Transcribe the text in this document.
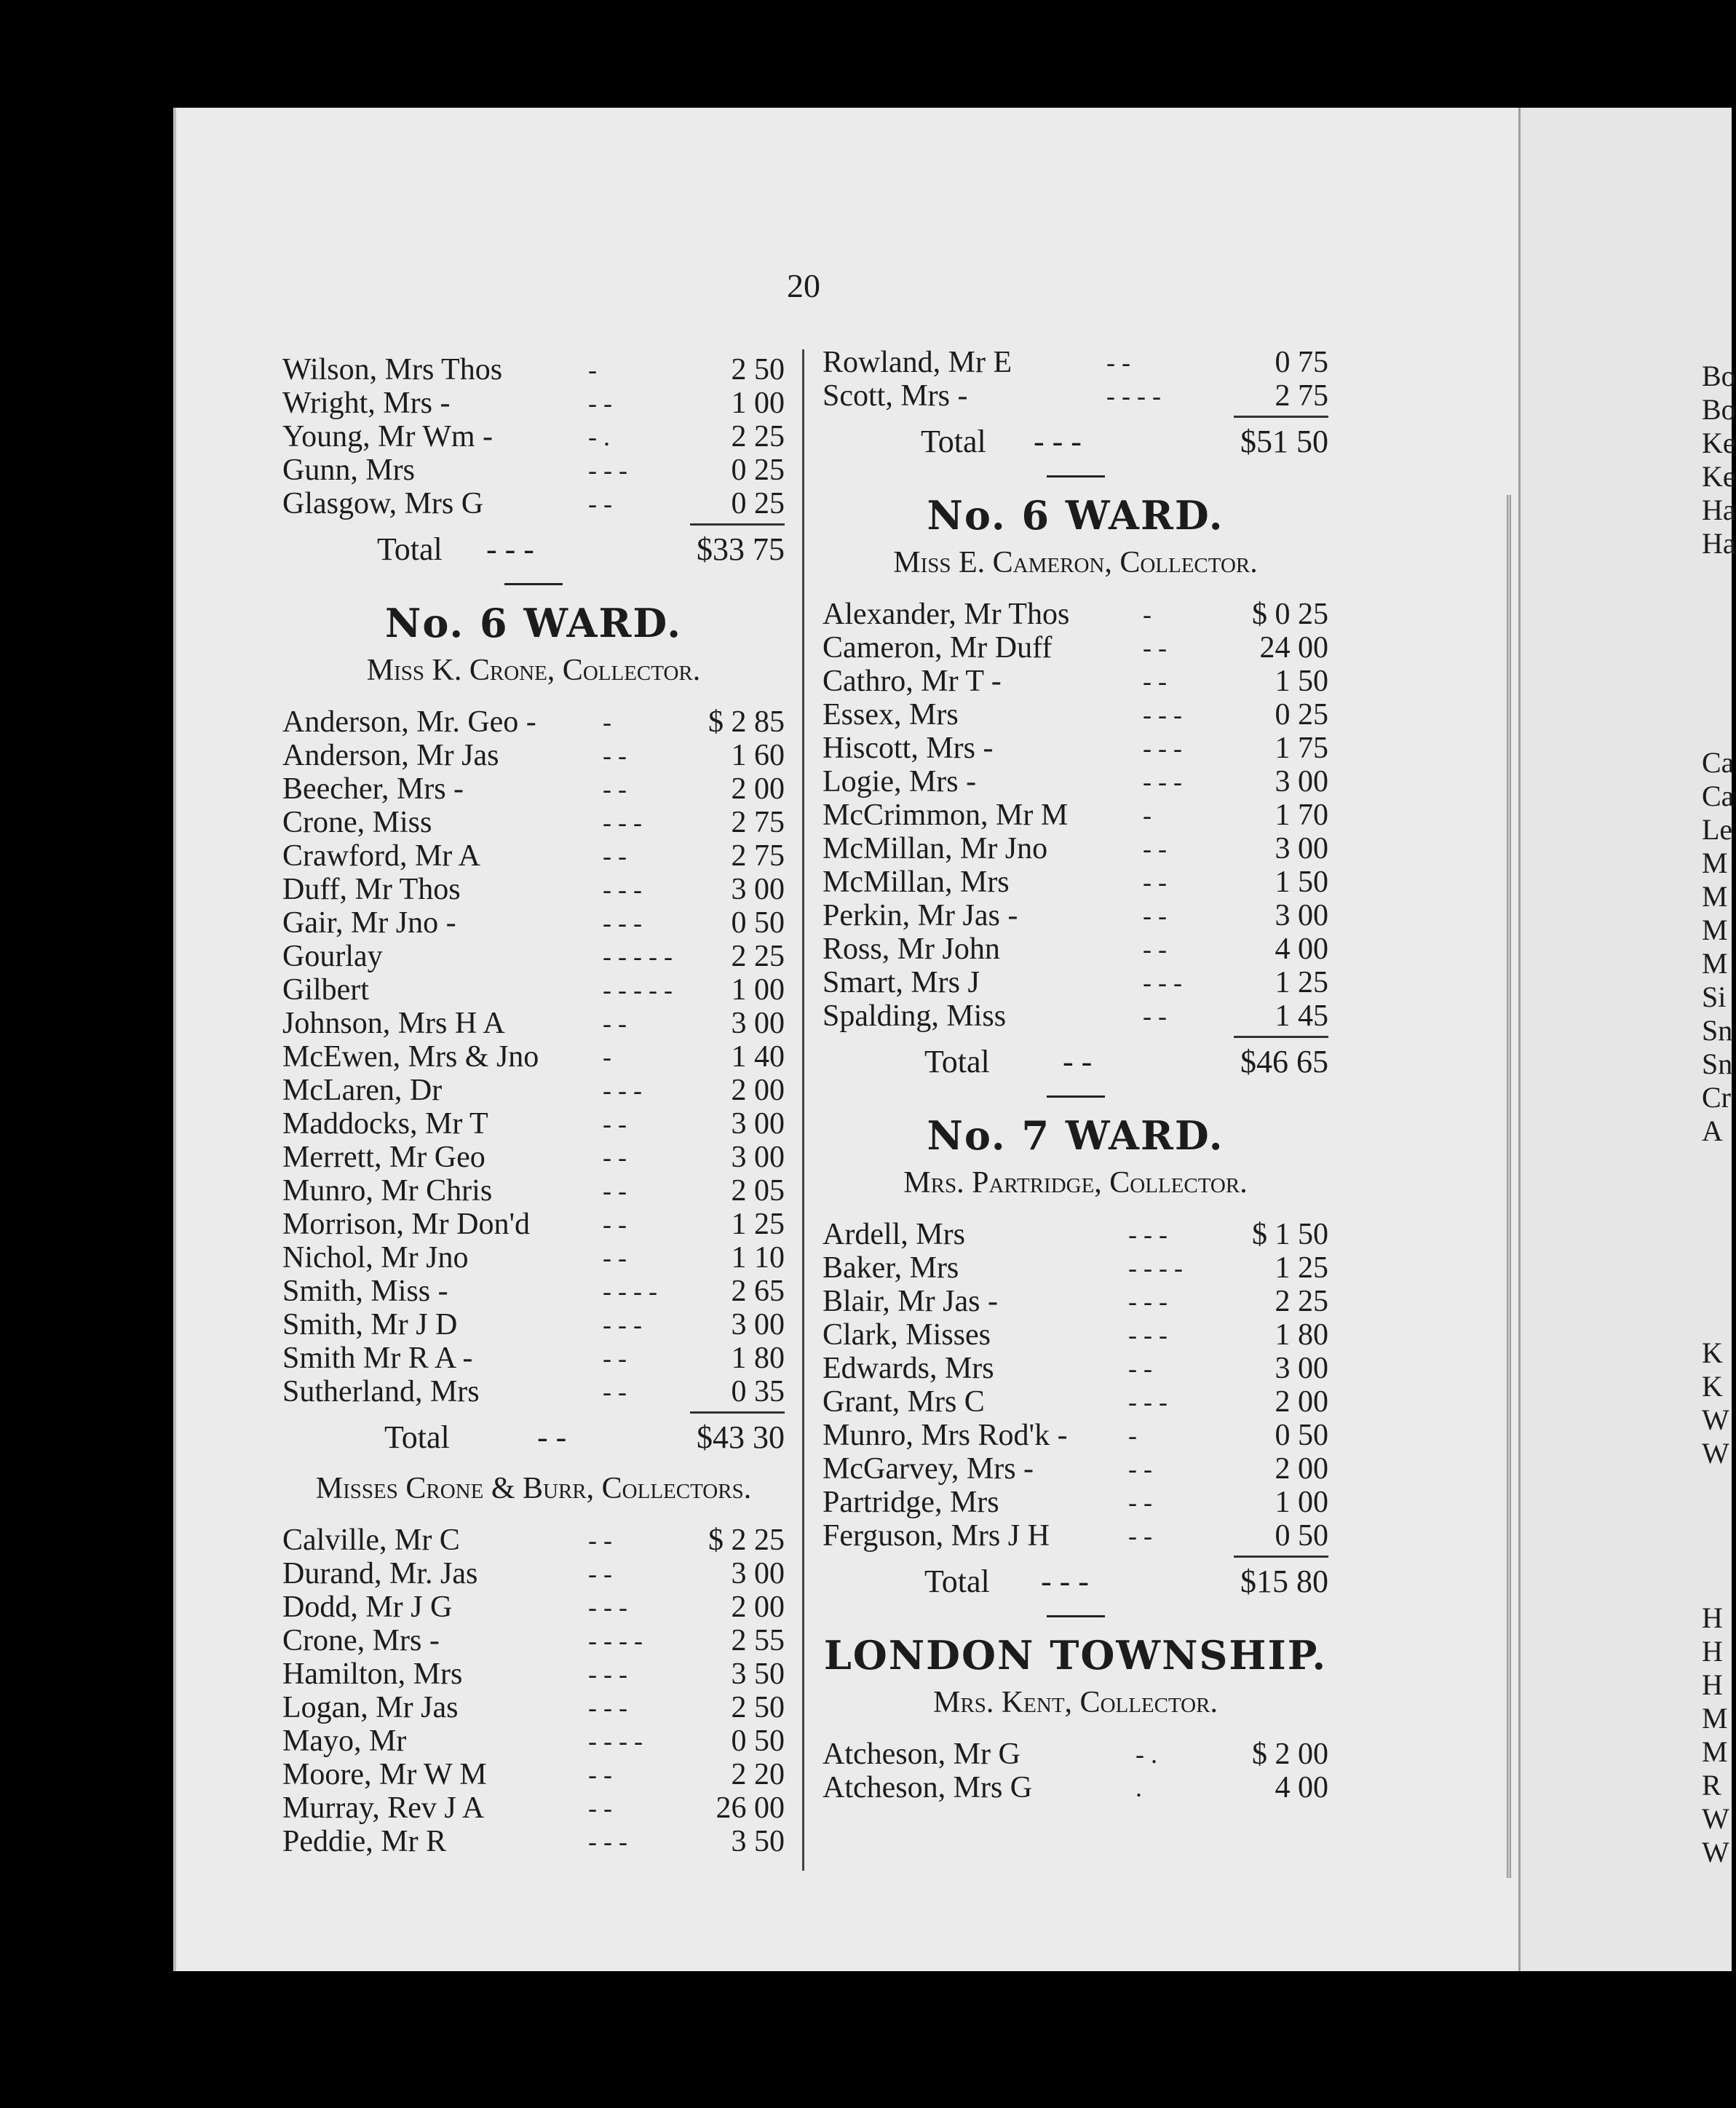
20
Wilson, Mrs Thos	-	2 50
Wright, Mrs -	- -	1 00
Young, Mr Wm -	- .	2 25
Gunn, Mrs	- - -	0 25
Glasgow, Mrs G	- -	0 25
Total - - -	$33 75
No. 6 WARD.
Miss K. Crone, Collector.
Anderson, Mr. Geo -	-	$ 2 85
Anderson, Mr Jas	- -	1 60
Beecher, Mrs -	- -	2 00
Crone, Miss	- - -	2 75
Crawford, Mr A	- -	2 75
Duff, Mr Thos	- - -	3 00
Gair, Mr Jno -	- - -	0 50
Gourlay	- - - - - 2 25
Gilbert	- - - - - 1 00
Johnson, Mrs H A	- -	3 00
McEwen, Mrs & Jno -	1 40
McLaren, Dr	- - -	2 00
Maddocks, Mr T	- -	3 00
Merrett, Mr Geo	- -	3 00
Munro, Mr Chris	- -	2 05
Morrison, Mr Don'd	- -	1 25
Nichol, Mr Jno	- -	1 10
Smith, Miss -	- - - - 2 65
Smith, Mr J D	- - -	3 00
Smith Mr R A -	- -	1 80
Sutherland, Mrs	- -	0 35
Total	- -	$43 30
Misses Crone & Burr, Collectors.
Calville, Mr C	- -	$ 2 25
Durand, Mr. Jas	- -	3 00
Dodd, Mr J G	- - -	2 00
Crone, Mrs -	- - - -	2 55
Hamilton, Mrs	- - -	3 50
Logan, Mr Jas	- - -	2 50
Mayo, Mr	- - - -	0 50
Moore, Mr W M	- -	2 20
Murray, Rev J A	- -	26 00
Peddie, Mr R	- - -	3 50
Rowland, Mr E	- -	0 75
Scott, Mrs -	- - - -	2 75
Total - - -	$51 50
No. 6 WARD.
Miss E. Cameron, Collector.
Alexander, Mr Thos	-	$ 0 25
Cameron, Mr Duff	- -	24 00
Cathro, Mr T -	- -	1 50
Essex, Mrs	- - -	0 25
Hiscott, Mrs -	- - -	1 75
Logie, Mrs -	- - -	3 00
McCrimmon, Mr M	-	1 70
McMillan, Mr Jno	- -	3 00
McMillan, Mrs	- -	1 50
Perkin, Mr Jas -	- -	3 00
Ross, Mr John	- -	4 00
Smart, Mrs J	- - -	1 25
Spalding, Miss	- -	1 45
Total - -	$46 65
No. 7 WARD.
Mrs. Partridge, Collector.
Ardell, Mrs	- - -	$ 1 50
Baker, Mrs	- - - -	1 25
Blair, Mr Jas -	- - -	2 25
Clark, Misses	- - -	1 80
Edwards, Mrs	- -	3 00
Grant, Mrs C	- - -	2 00
Munro, Mrs Rod'k - -	0 50
McGarvey, Mrs -	- -	2 00
Partridge, Mrs	- -	1 00
Ferguson, Mrs J H	- -	0 50
Total - - -	$15 80
LONDON TOWNSHIP.
Mrs. Kent, Collector.
Atcheson, Mr G	- .	$ 2 00
Atcheson, Mrs G	.	4 00
Bo
Bo
Ke
Ke
Ha
Ha
Ca
Ca
Le
M
M
M
M
Si
Sn
Sn
Cr
A
K
K
W
W
H
H
H
M
M
R
W
W
